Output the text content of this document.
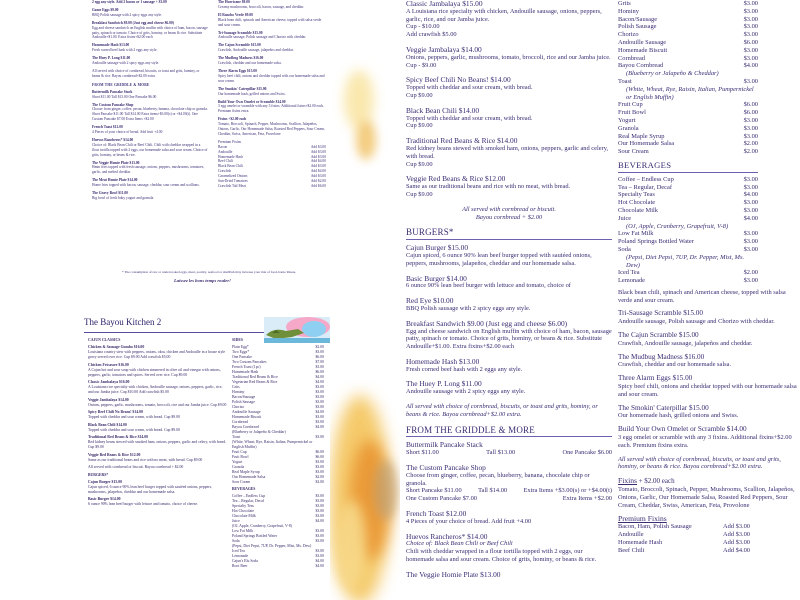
2 egg any style. Add 2 bacon or 1 sausage + $3.00
Game Eggs $9.00
BBQ Polish sausage with 2 spicy eggs any style.
Breakfast Sandwich $9.00 (Just egg and cheese $6.00)
Egg and cheese sandwich on English muffin with choice of ham, bacon, sausage patty, spinach or tomato. Choice of grits, hominy, or beans & rice. Substitute Andouille+$1.00. Extra fixins+$2.00 each
Homemade Hash $13.00
Fresh corned beef hash with 2 eggs any style.
The Huey P. Long $11.00
Andouille sausage with 2 spicy eggs any style.
All served with choice of cornbread, biscuits, or toast and grits, hominy, or beans & rice. Bayou cornbread+$2.00 extra.
FROM THE GRIDDLE & MORE
Buttermilk Pancake Stack
Short $11.00 Tall $13.00 One Pancake $6.00
The Custom Pancake Shop
Choose from ginger, coffee, pecan, blueberry, banana, chocolate chip or granola. Short Pancake $11.00 Tall $14.00 Extra items+$3.00(s) or +$4.00(t). One Custom Pancake $7.00 Extra Items +$2.00
French Toast $12.00
4 Pieces of your choice of bread. Add fruit +4.00
Huevos Rancheros* $14.00
Choice of: Black Bean Chili or Beef Chili. Chili with cheddar wrapped in a flour tortilla topped with 2 eggs, our homemade salsa and sour cream. Choice of grits, hominy, or beans & rice.
The Veggie Homie Plate $13.00
Hmm fries topped with fresh sausage, onions, peppers, mushrooms, tomatoes, garlic, and melted cheddar.
The Meat Homie Plate $14.00
Home fries topped with bacon, sausage, cheddar, sour cream and scallions.
The Gravy Bowl $11.00
Big bowl of fresh baby yogurt and granola.
The Hurricane $9.00
Creamy mushrooms, broccoli, bacon, sausage, and cheddar.
El Rancho Verde $9.00
Black bean chili, spinach and American cheese, topped with salsa verde and sour cream.
Tri-Sausage Scramble $15.00
Andouille sausage, Polish sausage and Chorizo with cheddar.
The Cajun Scramble $15.00
Crawfish, Andouille sausage, jalapeños and cheddar.
The Mudbug Madness $16.00
Crawfish, cheddar and our homemade salsa.
Three Alarm Eggs $15.00
Spicy beef chili, onions and cheddar topped with our homemade salsa and sour cream.
The Smokin' Caterpillar $15.00
Our homemade hash, grilled onions and Swiss.
Build Your Own Omelet or Scramble $14.00
3 egg omelet or scramble with any 3 fixins. Additional fixins+$2.00 each. Premium fixins extra.
Fixins +$2.00 each
Tomato, Broccoli, Spinach, Pepper, Mushrooms, Scallion, Jalapeños, Onions, Garlic, Our Homemade Salsa, Roasted Red Peppers, Sour Cream, Cheddar, Swiss, American, Feta, Provolone
Premium Fixins
Bacon	Add $3.00
Andouille	Add $3.00
Homemade Hash	Add $3.00
Beef Chili	Add $4.00
Black Bean Chili	Add $3.00
Crawfish	Add $4.00
Caramelized Onions	Add $3.00
Sun-Dried Tomatoes	Add $2.00
Crawfish Tail Meat	Add $6.00
* The consumption of raw or undercooked eggs, meat, poultry, seafood or shellfish may increase your risk of food-borne illness.
Laissez les bons temps rouler!
The Bayou Kitchen 2
CAJUN CLASSICS
Chicken & Sausage Gumbo $16.00
Louisiana country stew with peppers, onions, okra, chicken and Andouille in a house style gravy served over rice. Cup $9.00 Add crawfish $5.00
Chicken Fricassee $16.00
A Cajun hot and sour soup with chicken simmered in olive oil and vinegar with onions, peppers, garlic, tomatoes and spices. Served over rice. Cup $9.00
Classic Jambalaya $16.00
A Louisiana rice specialty with chicken, Andouille sausage, onions, peppers, garlic, rice, and our Jamba juice. Cup $10.00 Add crawfish $5.00
Veggie Jambalaya $14.00
Onions, peppers, garlic, mushrooms, tomato, broccoli, rice and our Jamba juice. Cup $9.00
Spicy Beef Chili No Beans! $14.00
Topped with cheddar and sour cream, with bread. Cup $9.00
Black Bean Chili $14.00
Topped with cheddar and sour cream, with bread. Cup $9.00
Traditional Red Beans & Rice $14.00
Red kidney beans stewed with smoked ham, onions, peppers, garlic and celery, with bread. Cup $9.00
Veggie Red Beans & Rice $12.00
Same as our traditional beans and rice with no meat, with bread. Cup $9.00
All served with cornbread or biscuit. Bayou cornbread + $2.00
BURGERS*
Cajun Burger $15.00
Cajun spiced, 6 ounce 90% lean beef burger topped with sautéed onions, peppers, mushrooms, jalapeños, cheddar and our homemade salsa.
Basic Burger $14.00
6 ounce 90% lean beef burger with lettuce and tomato, choice of cheese.
SIDES
Plain Egg*	$2.00
Two Eggs*	$3.00
One Pancake	$6.00
Two Custom Pancakes	$7.00
French Toast (1pc)	$3.00
Homemade Hash	$6.00
Traditional Red Beans & Rice	$4.00
Vegetarian Red Beans & Rice	$4.00
Grits	$3.00
Hominy	$3.00
Bacon/Sausage	$3.00
Polish Sausage	$3.00
Chorizo	$3.00
Andouille Sausage	$4.00
Homemade Biscuit	$3.00
Cornbread	$3.00
Bayou Cornbread	$4.00
(Blueberry or Jalapeño & Cheddar)
Toast	$3.00
(White, Wheat, Rye, Raisin, Italian, Pumpernickel or English Muffin)
Fruit Cup	$6.00
Fruit Bowl	$6.00
Yogurt	$3.00
Granola	$3.00
Real Maple Syrup	$3.00
Our Homemade Salsa	$2.00
Sour Cream	$2.00
BEVERAGES
Coffee – Endless Cup	$3.00
Tea – Regular, Decaf	$3.00
Specialty Teas	$3.00
Hot Chocolate	$3.00
Chocolate Milk	$3.00
Juice	$4.00
(OJ, Apple, Cranberry, Grapefruit, V-8)
Low Fat Milk	$3.00
Poland Springs Bottled Water	$3.00
Soda	$3.00
(Pepsi, Diet Pepsi, 7UP, Dr. Pepper, Mist, Ms. Dew)
Iced Tea	$3.00
Lemonade	$3.00
Cajun's Elu Soda	$4.00
Root Beer	$4.00
Classic Jambalaya $15.00
A Louisiana rice specialty with chicken, Andouille sausage, onions, peppers, garlic, rice, and our Jamba juice.
Cup - $10.00
Add crawfish $5.00
Veggie Jambalaya $14.00
Onions, peppers, garlic, mushrooms, tomato, broccoli, rice and our Jamba juice.
Cup - $9.00
Spicy Beef Chili No Beans! $14.00
Topped with cheddar and sour cream, with bread.
Cup $9.00
Black Bean Chili $14.00
Topped with cheddar and sour cream, with bread.
Cup $9.00
Traditional Red Beans & Rice $14.00
Red kidney beans stewed with smoked ham, onions, peppers, garlic and celery, with bread.
Cup $9.00
Veggie Red Beans & Rice $12.00
Same as our traditional beans and rice with no meat, with bread.
Cup $9.00
All served with cornbread or biscuit.
Bayou cornbread + $2.00
BURGERS*
Cajun Burger $15.00
Cajun spiced, 6 ounce 90% lean beef burger topped with sautéed onions, peppers, mushrooms, jalapeños, cheddar and our homemade salsa.
Basic Burger $14.00
6 ounce 90% lean beef burger with lettuce and tomato, choice of
Red Eye $10.00
BBQ Polish sausage with 2 spicy eggs any style.
Breakfast Sandwich $9.00 (Just egg and cheese $6.00)
Egg and cheese sandwich on English muffin with choice of ham, bacon, sausage patty, spinach or tomato. Choice of grits, hominy, or beans & rice. Substitute Andouille+$1.00. Extra fixins+$2.00 each
Homemade Hash $13.00
Fresh corned beef hash with 2 eggs any style.
The Huey P. Long $11.00
Andouille sausage with 2 spicy eggs any style.
All served with choice of cornbread, biscuits, or toast and grits, hominy, or beans & rice. Bayou cornbread+$2.00 extra.
FROM THE GRIDDLE & MORE
Buttermilk Pancake Stack
Short $11.00	Tall $13.00	One Pancake $6.00
The Custom Pancake Shop
Choose from ginger, coffee, pecan, blueberry, banana, chocolate chip or granola.
Short Pancake $11.00	Tall $14.00	Extra Items +$3.00(s) or +$4.00(t)
One Custom Pancake $7.00	Extra Items +$2.00
French Toast $12.00
4 Pieces of your choice of bread. Add fruit +4.00
Huevos Rancheros* $14.00
Choice of: Black Bean Chili or Beef Chili
Chili with cheddar wrapped in a flour tortilla topped with 2 eggs, our homemade salsa and sour cream. Choice of grits, hominy, or beans & rice.
The Veggie Homie Plate $13.00
Grits	$3.00
Hominy	$3.00
Bacon/Sausage	$3.00
Polish Sausage	$3.00
Chorizo	$3.00
Andouille Sausage	$6.00
Homemade Biscuit	$3.00
Cornbread	$3.00
Bayou Cornbread	$4.00
(Blueberry or Jalapeño & Cheddar)
Toast	$3.00
(White, Wheat, Rye, Raisin, Italian, Pumpernickel or English Muffin)
Fruit Cup	$6.00
Fruit Bowl	$6.00
Yogurt	$3.00
Granola	$3.00
Real Maple Syrup	$3.00
Our Homemade Salsa	$2.00
Sour Cream	$2.00
BEVERAGES
Coffee – Endless Cup	$3.00
Tea – Regular, Decaf	$3.00
Specialty Teas	$4.00
Hot Chocolate	$3.00
Chocolate Milk	$3.00
Juice	$4.00
(OJ, Apple, Cranberry, Grapefruit, V-8)
Low Fat Milk	$3.00
Poland Springs Bottled Water	$3.00
Soda	$3.00
(Pepsi, Diet Pepsi, 7UP, Dr. Pepper, Mist, Ms. Dew)
Iced Tea	$2.00
Lemonade	$3.00
Black bean chili, spinach and American cheese, topped with salsa verde and sour cream.
Tri-Sausage Scramble $15.00
Andouille sausage, Polish sausage and Chorizo with cheddar.
The Cajun Scramble $15.00
Crawfish, Andouille sausage, jalapeños and cheddar.
The Mudbug Madness $16.00
Crawfish, cheddar and our homemade salsa.
Three Alarm Eggs $15.00
Spicy beef chili, onions and cheddar topped with our homemade salsa and sour cream.
The Smokin' Caterpillar $15.00
Our homemade hash, grilled onions and Swiss.
Build Your Own Omelet or Scramble $14.00
3 egg omelet or scramble with any 3 fixins. Additional fixins+$2.00 each. Premium fixins extra.
All served with choice of cornbread, biscuits, or toast and grits, hominy, or beans & rice. Bayou cornbread+$2.00 extra.
Fixins + $2.00 each
Tomato, Broccoli, Spinach, Pepper, Mushrooms, Scallion, Jalapeños, Onions, Garlic, Our Homemade Salsa, Roasted Red Peppers, Sour Cream, Cheddar, Swiss, American, Feta, Provolone
Premium Fixins
Bacon, Ham, Polish Sausage	Add $3.00
Andouille	Add $3.00
Homemade Hash	Add $3.00
Beef Chili	Add $4.00
